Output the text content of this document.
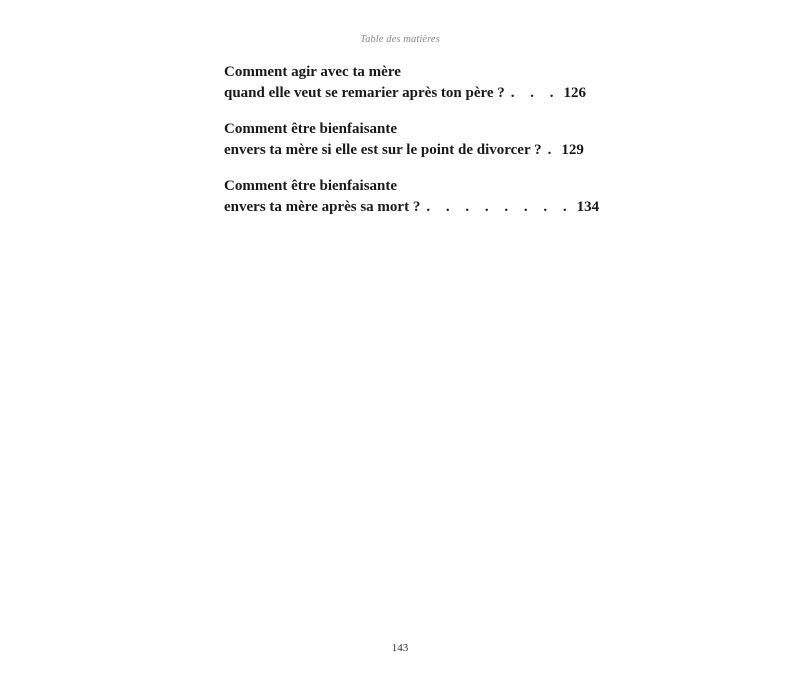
Table des matières
Comment agir avec ta mère
quand elle veut se remarier après ton père ? . . . 126
Comment être bienfaisante
envers ta mère si elle est sur le point de divorcer ? . 129
Comment être bienfaisante
envers ta mère après sa mort ? . . . . . . . . 134
143
